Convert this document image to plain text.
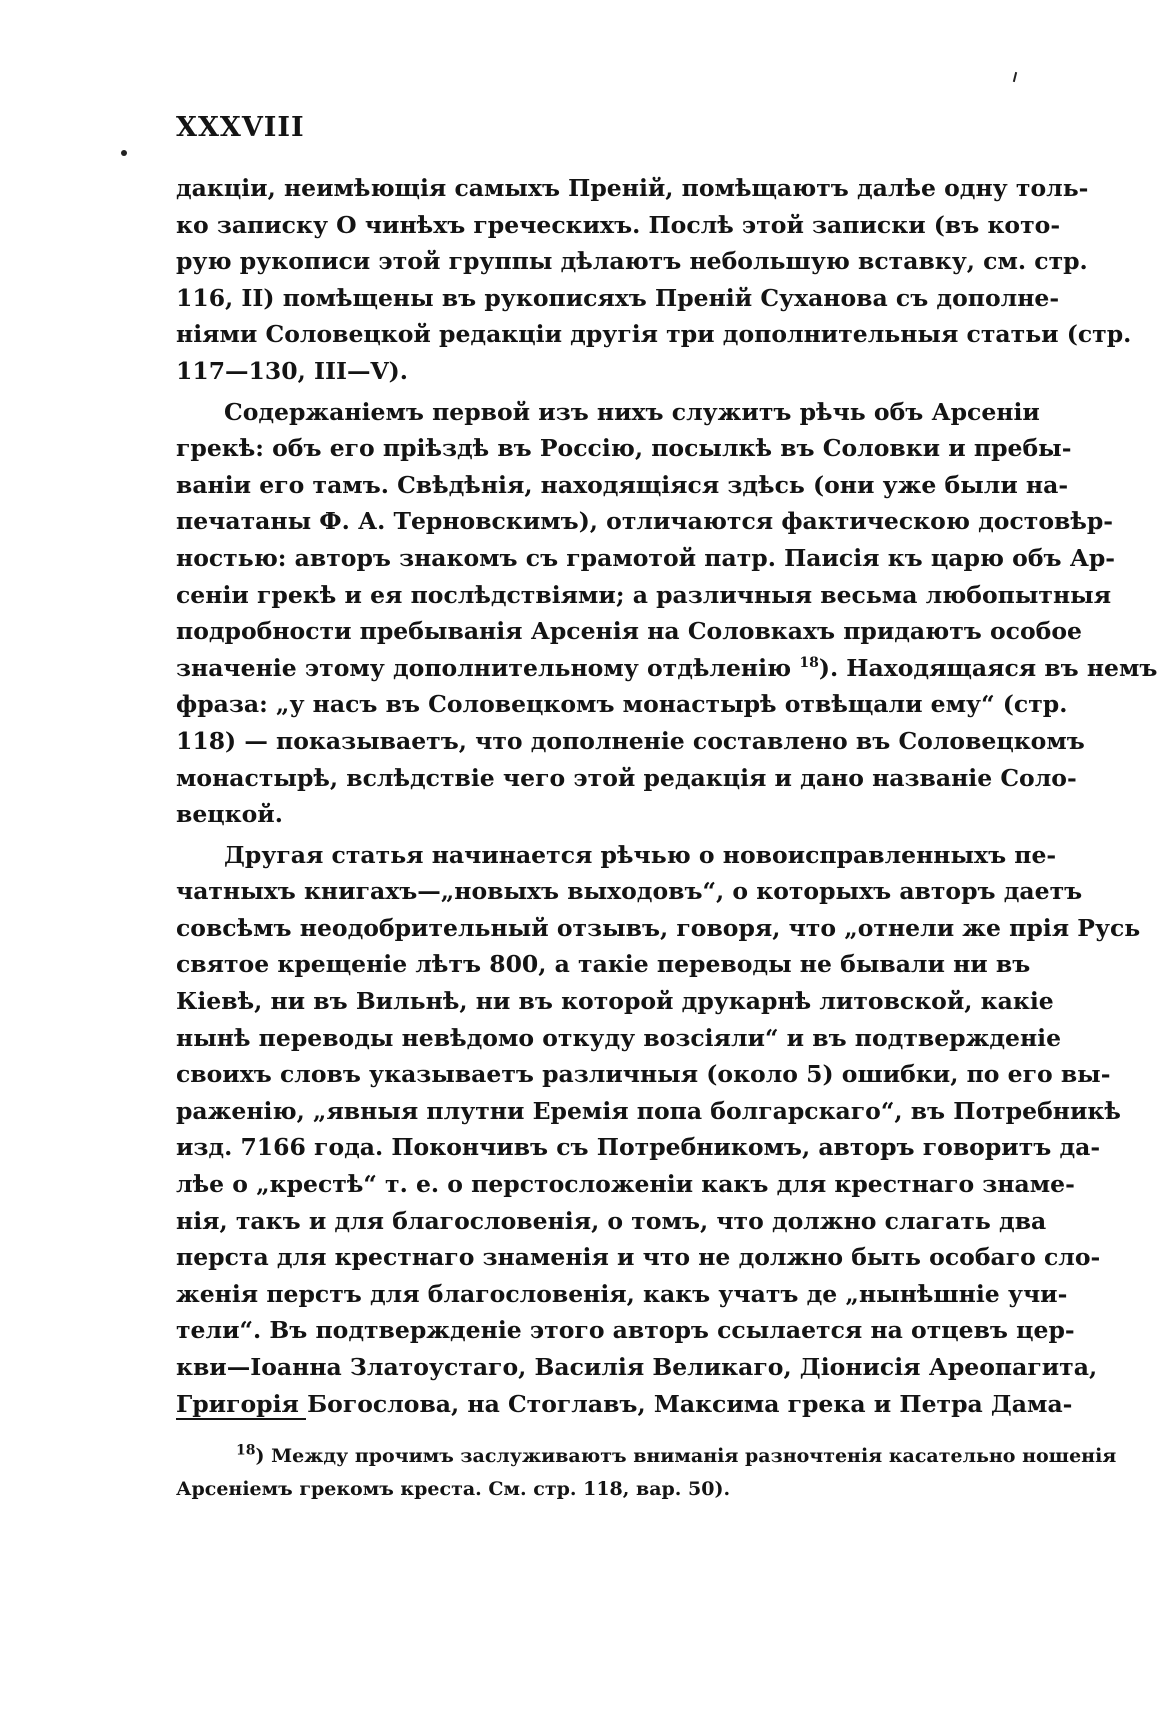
XXXVIII
дакціи, неимѣющія самыхъ Преній, помѣщаютъ далѣе одну толь-
ко записку О чинѣхъ греческихъ. Послѣ этой записки (въ кото-
рую рукописи этой группы дѣлаютъ небольшую вставку, см. стр.
116, II) помѣщены въ рукописяхъ Преній Суханова съ дополне-
ніями Соловецкой редакціи другія три дополнительныя статьи (стр.
117—130, III—V).
Содержаніемъ первой изъ нихъ служитъ рѣчь объ Арсеніи
грекѣ: объ его пріѣздѣ въ Россію, посылкѣ въ Соловки и пребы-
ваніи его тамъ. Свѣдѣнія, находящіяся здѣсь (они уже были на-
печатаны Ф. А. Терновскимъ), отличаются фактическою достовѣр-
ностью: авторъ знакомъ съ грамотой патр. Паисія къ царю объ Ар-
сеніи грекѣ и ея послѣдствіями; а различныя весьма любопытныя
подробности пребыванія Арсенія на Соловкахъ придаютъ особое
значеніе этому дополнительному отдѣленію $^{18}$). Находящаяся въ немъ
фраза: „у насъ въ Соловецкомъ монастырѣ отвѣщали ему“ (стр.
118) — показываетъ, что дополненіе составлено въ Соловецкомъ
монастырѣ, вслѣдствіе чего этой редакція и дано названіе Соло-
вецкой.
Другая статья начинается рѣчью о новоисправленныхъ пе-
чатныхъ книгахъ—„новыхъ выходовъ“, о которыхъ авторъ даетъ
совсѣмъ неодобрительный отзывъ, говоря, что „отнели же прія Русь
святое крещеніе лѣтъ 800, а такіе переводы не бывали ни въ
Кіевѣ, ни въ Вильнѣ, ни въ которой друкарнѣ литовской, какіе
нынѣ переводы невѣдомо откуду возсіяли“ и въ подтвержденіе
своихъ словъ указываетъ различныя (около 5) ошибки, по его вы-
раженію, „явныя плутни Еремія попа болгарскаго“, въ Потребникѣ
изд. 7166 года. Покончивъ съ Потребникомъ, авторъ говоритъ да-
лѣе о „крестѣ“ т. е. о перстосложеніи какъ для крестнаго знаме-
нія, такъ и для благословенія, о томъ, что должно слагать два
перста для крестнаго знаменія и что не должно быть особаго сло-
женія перстъ для благословенія, какъ учатъ де „нынѣшніе учи-
тели“. Въ подтвержденіе этого авторъ ссылается на отцевъ цер-
кви—Іоанна Златоустаго, Василія Великаго, Діонисія Ареопагита,
Григорія Богослова, на Стоглавъ, Максима грека и Петра Дама-
$^{18}$) Между прочимъ заслуживаютъ вниманія разночтенія касательно ношенія
Арсеніемъ грекомъ креста. См. стр. 118, вар. 50).
